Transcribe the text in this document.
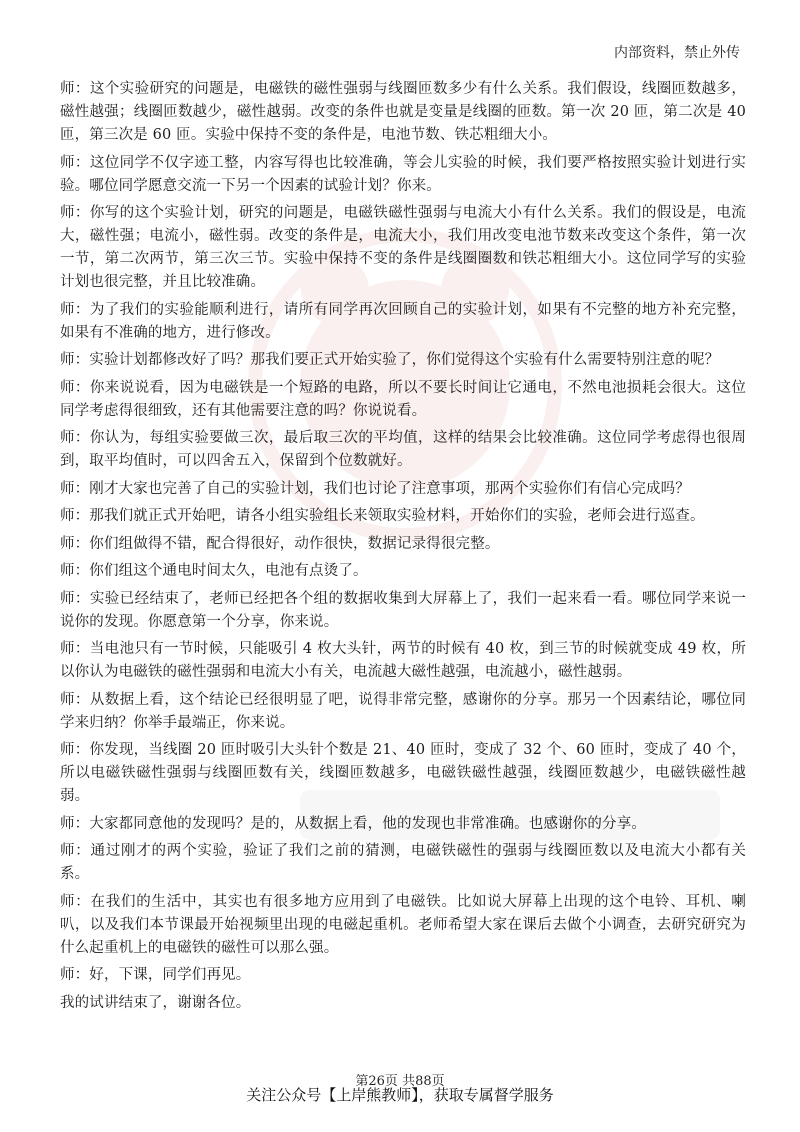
内部资料，禁止外传

师：这个实验研究的问题是，电磁铁的磁性强弱与线圈匝数多少有什么关系。我们假设，线圈匝数越多，磁性越强；线圈匝数越少，磁性越弱。改变的条件也就是变量是线圈的匝数。第一次 20 匝，第二次是 40 匝，第三次是 60 匝。实验中保持不变的条件是，电池节数、铁芯粗细大小。

师：这位同学不仅字迹工整，内容写得也比较准确，等会儿实验的时候，我们要严格按照实验计划进行实验。哪位同学愿意交流一下另一个因素的试验计划？你来。

师：你写的这个实验计划，研究的问题是，电磁铁磁性强弱与电流大小有什么关系。我们的假设是，电流大，磁性强；电流小，磁性弱。改变的条件是，电流大小，我们用改变电池节数来改变这个条件，第一次一节，第二次两节，第三次三节。实验中保持不变的条件是线圈圈数和铁芯粗细大小。这位同学写的实验计划也很完整，并且比较准确。

师：为了我们的实验能顺利进行，请所有同学再次回顾自己的实验计划，如果有不完整的地方补充完整，如果有不准确的地方，进行修改。

师：实验计划都修改好了吗？那我们要正式开始实验了，你们觉得这个实验有什么需要特别注意的呢？

师：你来说说看，因为电磁铁是一个短路的电路，所以不要长时间让它通电，不然电池损耗会很大。这位同学考虑得很细致，还有其他需要注意的吗？你说说看。

师：你认为，每组实验要做三次，最后取三次的平均值，这样的结果会比较准确。这位同学考虑得也很周到，取平均值时，可以四舍五入，保留到个位数就好。

师：刚才大家也完善了自己的实验计划，我们也讨论了注意事项，那两个实验你们有信心完成吗？

师：那我们就正式开始吧，请各小组实验组长来领取实验材料，开始你们的实验，老师会进行巡查。

师：你们组做得不错，配合得很好，动作很快，数据记录得很完整。

师：你们组这个通电时间太久，电池有点烫了。

师：实验已经结束了，老师已经把各个组的数据收集到大屏幕上了，我们一起来看一看。哪位同学来说一说你的发现。你愿意第一个分享，你来说。

师：当电池只有一节时候，只能吸引 4 枚大头针，两节的时候有 40 枚，到三节的时候就变成 49 枚，所以你认为电磁铁的磁性强弱和电流大小有关，电流越大磁性越强，电流越小，磁性越弱。

师：从数据上看，这个结论已经很明显了吧，说得非常完整，感谢你的分享。那另一个因素结论，哪位同学来归纳？你举手最端正，你来说。

师：你发现，当线圈 20 匝时吸引大头针个数是 21、40 匝时，变成了 32 个、60 匝时，变成了 40 个，所以电磁铁磁性强弱与线圈匝数有关，线圈匝数越多，电磁铁磁性越强，线圈匝数越少，电磁铁磁性越弱。

师：大家都同意他的发现吗？是的，从数据上看，他的发现也非常准确。也感谢你的分享。

师：通过刚才的两个实验，验证了我们之前的猜测，电磁铁磁性的强弱与线圈匝数以及电流大小都有关系。

师：在我们的生活中，其实也有很多地方应用到了电磁铁。比如说大屏幕上出现的这个电铃、耳机、喇叭，以及我们本节课最开始视频里出现的电磁起重机。老师希望大家在课后去做个小调查，去研究研究为什么起重机上的电磁铁的磁性可以那么强。

师：好，下课，同学们再见。

我的试讲结束了，谢谢各位。

第26页 共88页
关注公众号【上岸熊教师】，获取专属督学服务
